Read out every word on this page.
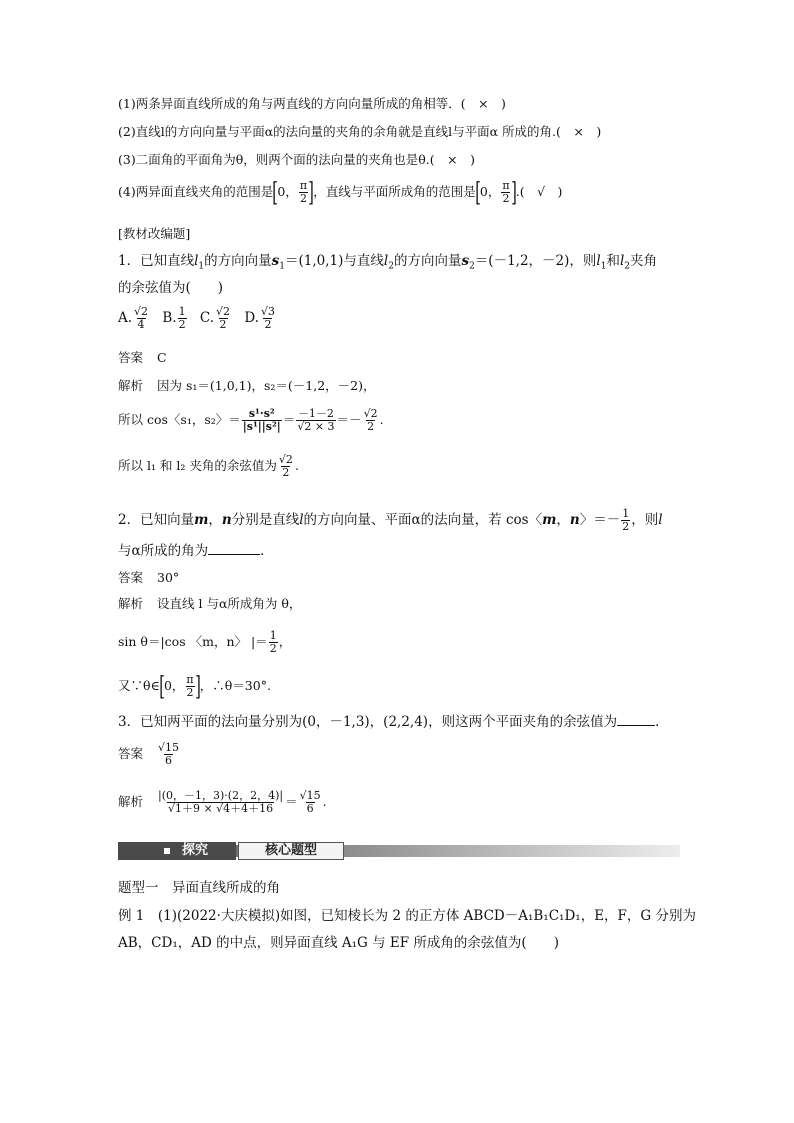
(1)两条异面直线所成的角与两直线的方向向量所成的角相等．(　×　)
(2)直线l的方向向量与平面α的法向量的夹角的余角就是直线l与平面α 所成的角.(　×　)
(3)二面角的平面角为θ，则两个面的法向量的夹角也是θ.(　×　)
(4)两异面直线夹角的范围是[0， $\frac{\pi}{2}$ ]，直线与平面所成角的范围是[0， $\frac{\pi}{2}$ ].(　√　)
[教材改编题]
1．已知直线$l_1$的方向向量$s_1=(1,0,1)$与直线$l_2$的方向向量$s_2=(-1,2$，－2)，则$l_1$和$l_2$夹角
的余弦值为(　　)
A. $\frac{√2}{4} B$. $\frac{1}{2} C$. $\frac{√2}{2} D$. $\frac{√3}{2}$
答案 C
解析 因为 s₁＝(1,0,1)，s₂＝(－1,2，－2)，
所以 cos〈s₁，s₂〉＝ $\frac{\text{s¹·s²}}{\text{|s¹||s²|}} = \frac{-1-2}{√2 \times 3} =- \frac{√2}{2}$ .
所以 l₁ 和 l₂ 夹角的余弦值为 $\frac{√2}{2}$ .
2．已知向量m，n分别是直线l的方向向量、平面α的法向量，若 cos〈m，n〉＝－ $\frac{1}{2}$ ，则l
与α所成的角为	．
答案 30°
解析 设直线 l 与α所成角为 θ，
sin θ＝|cos 〈m，n〉 |＝ $\frac{1}{2}$ ，
又∵θ∈[0， $\frac{\pi}{2}$ ]，∴θ＝30°.
3．已知两平面的法向量分别为(0，－1,3)，(2,2,4)，则这两个平面夹角的余弦值为	．
答案 $\frac{√15}{6}$
解析 $\frac{|(0,-1,3)\cdot(2,2,4)|}{√1+9 \times √4+4+16} = \frac{√15}{6}$ .
探究	核心题型
题型一　异面直线所成的角
例 1　(1)(2022·大庆模拟)如图，已知棱长为 2 的正方体 ABCD－A₁B₁C₁D₁，E，F，G 分别为
AB，CD₁，AD 的中点，则异面直线 A₁G 与 EF 所成角的余弦值为(　　)
